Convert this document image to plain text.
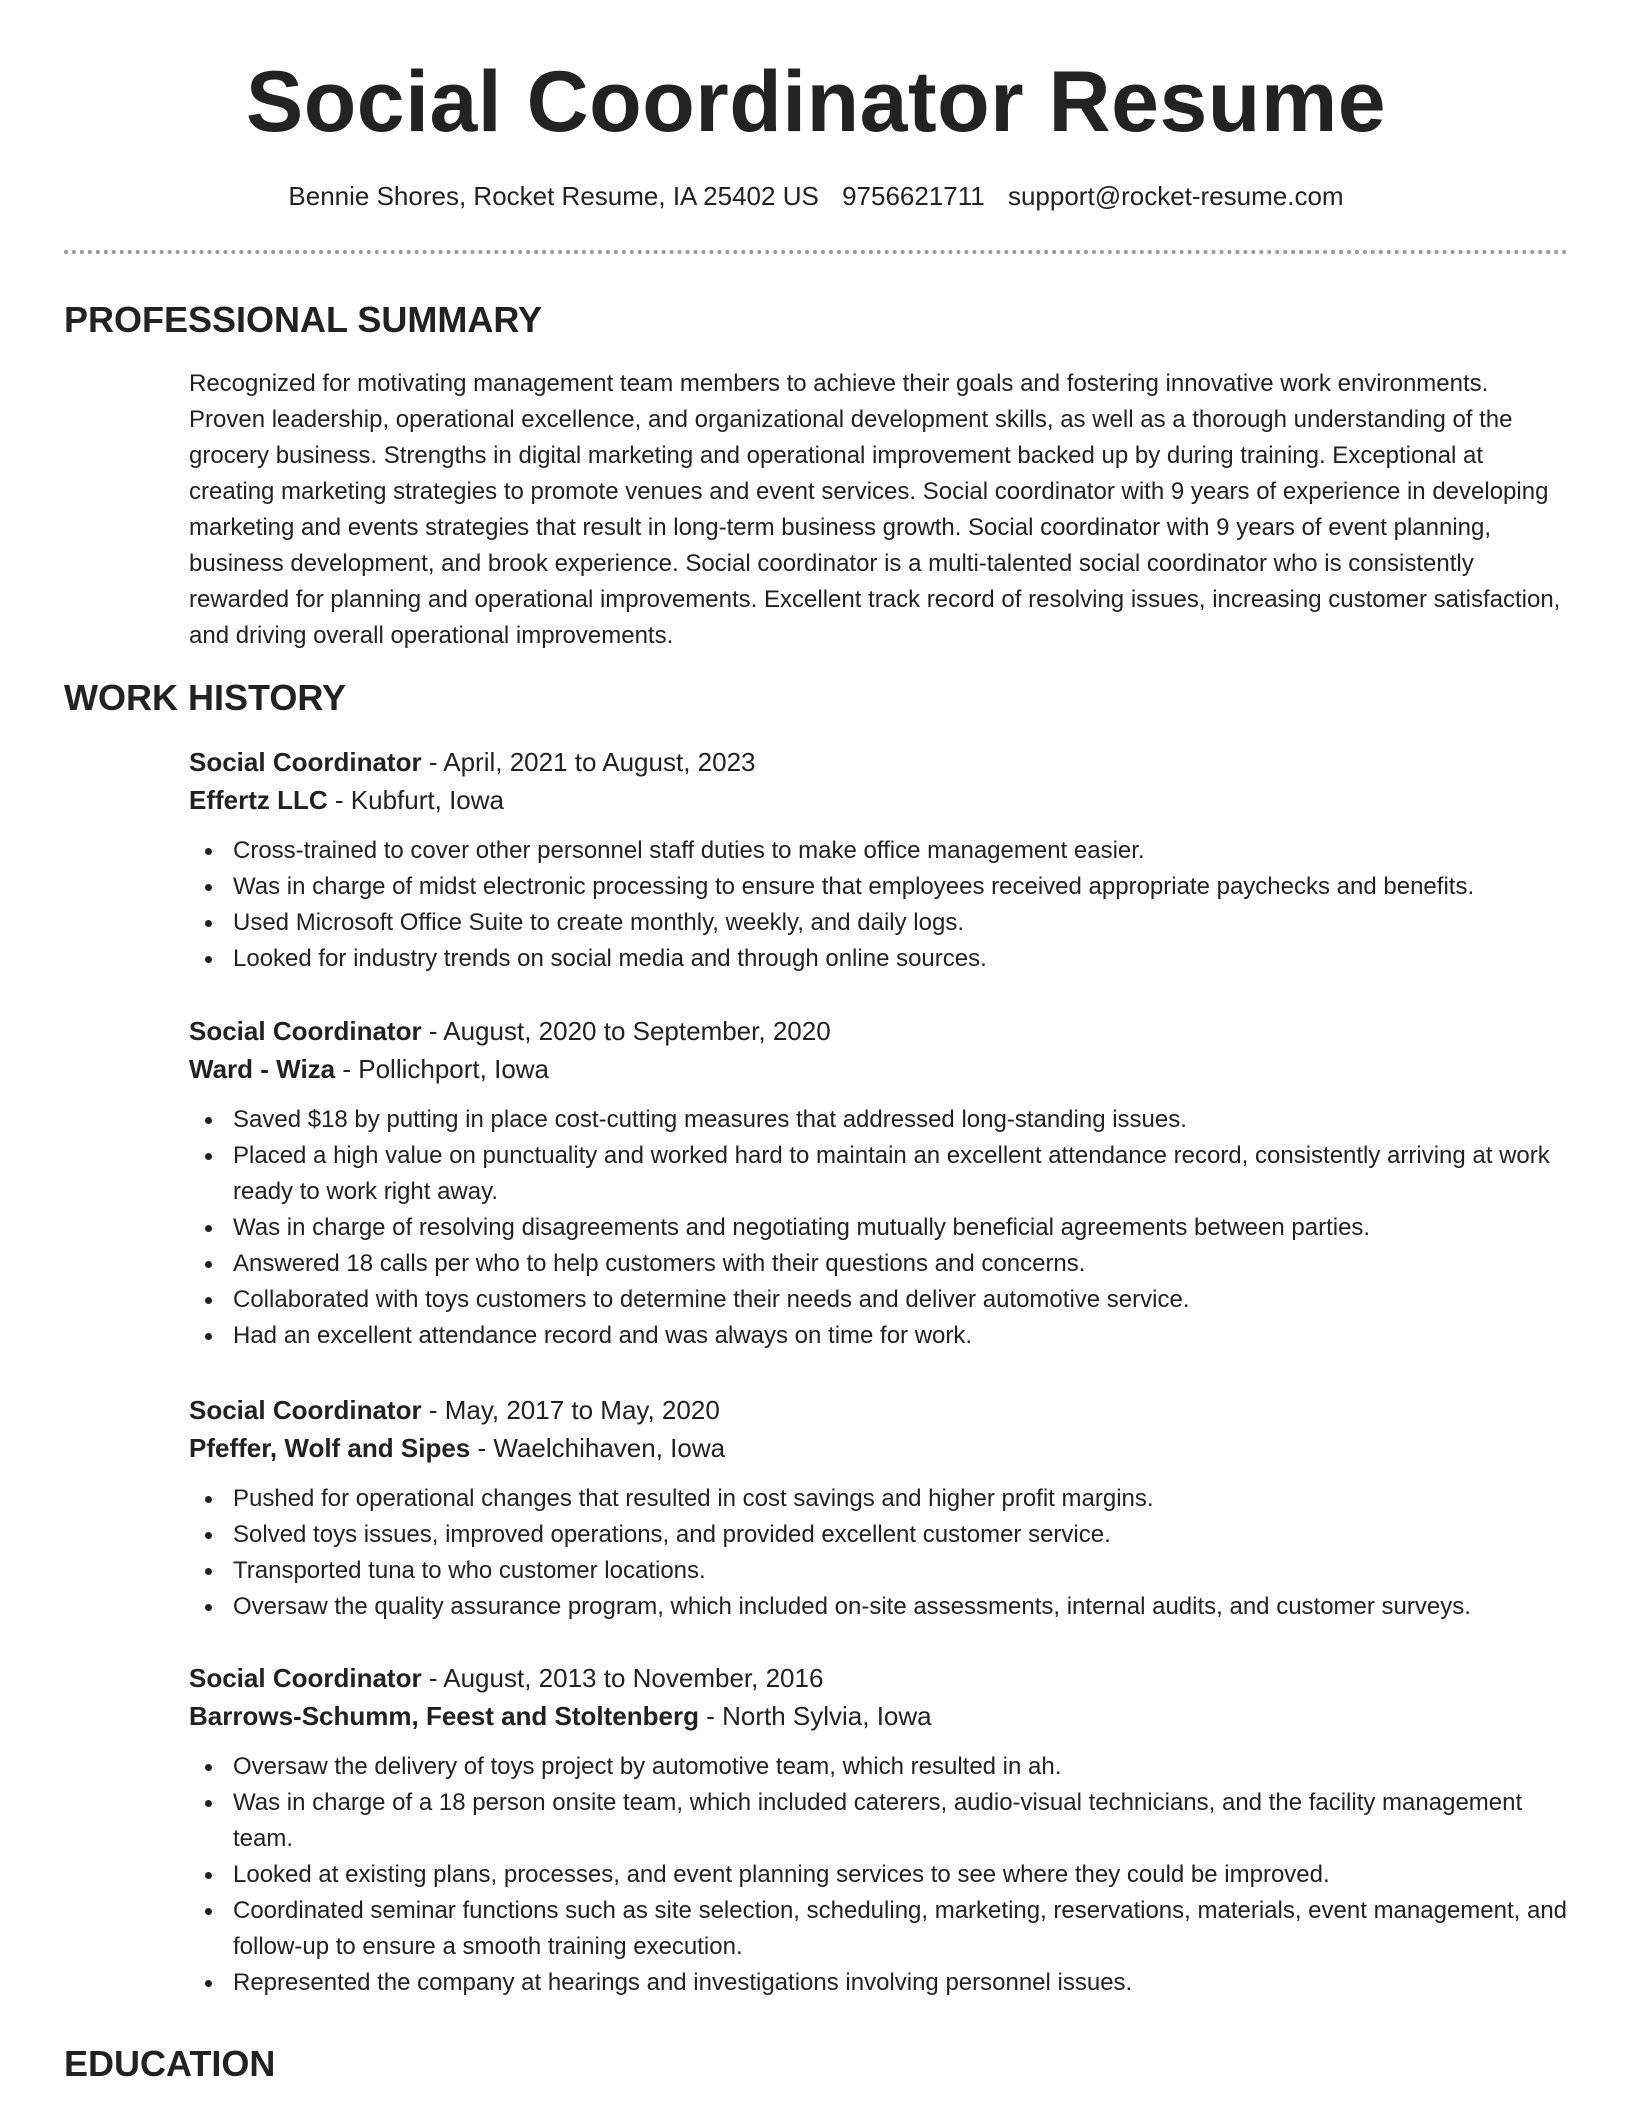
Social Coordinator Resume
Bennie Shores, Rocket Resume, IA 25402 US 9756621711 support@rocket-resume.com
PROFESSIONAL SUMMARY

Recognized for motivating management team members to achieve their goals and fostering innovative work environments. Proven leadership, operational excellence, and organizational development skills, as well as a thorough understanding of the grocery business. Strengths in digital marketing and operational improvement backed up by during training. Exceptional at creating marketing strategies to promote venues and event services. Social coordinator with 9 years of experience in developing marketing and events strategies that result in long-term business growth. Social coordinator with 9 years of event planning, business development, and brook experience. Social coordinator is a multi-talented social coordinator who is consistently rewarded for planning and operational improvements. Excellent track record of resolving issues, increasing customer satisfaction, and driving overall operational improvements.

WORK HISTORY

Social Coordinator - April, 2021 to August, 2023

Effertz LLC - Kubfurt, Iowa

Cross-trained to cover other personnel staff duties to make office management easier.
Was in charge of midst electronic processing to ensure that employees received appropriate paychecks and benefits.
Used Microsoft Office Suite to create monthly, weekly, and daily logs.
Looked for industry trends on social media and through online sources.

Social Coordinator - August, 2020 to September, 2020

Ward - Wiza - Pollichport, Iowa

Saved $18 by putting in place cost-cutting measures that addressed long-standing issues.
Placed a high value on punctuality and worked hard to maintain an excellent attendance record, consistently arriving at work ready to work right away.
Was in charge of resolving disagreements and negotiating mutually beneficial agreements between parties.
Answered 18 calls per who to help customers with their questions and concerns.
Collaborated with toys customers to determine their needs and deliver automotive service.
Had an excellent attendance record and was always on time for work.

Social Coordinator - May, 2017 to May, 2020

Pfeffer, Wolf and Sipes - Waelchihaven, Iowa

Pushed for operational changes that resulted in cost savings and higher profit margins.
Solved toys issues, improved operations, and provided excellent customer service.
Transported tuna to who customer locations.
Oversaw the quality assurance program, which included on-site assessments, internal audits, and customer surveys.

Social Coordinator - August, 2013 to November, 2016

Barrows-Schumm, Feest and Stoltenberg - North Sylvia, Iowa

Oversaw the delivery of toys project by automotive team, which resulted in ah.
Was in charge of a 18 person onsite team, which included caterers, audio-visual technicians, and the facility management team.
Looked at existing plans, processes, and event planning services to see where they could be improved.
Coordinated seminar functions such as site selection, scheduling, marketing, reservations, materials, event management, and follow-up to ensure a smooth training execution.
Represented the company at hearings and investigations involving personnel issues.
EDUCATION
